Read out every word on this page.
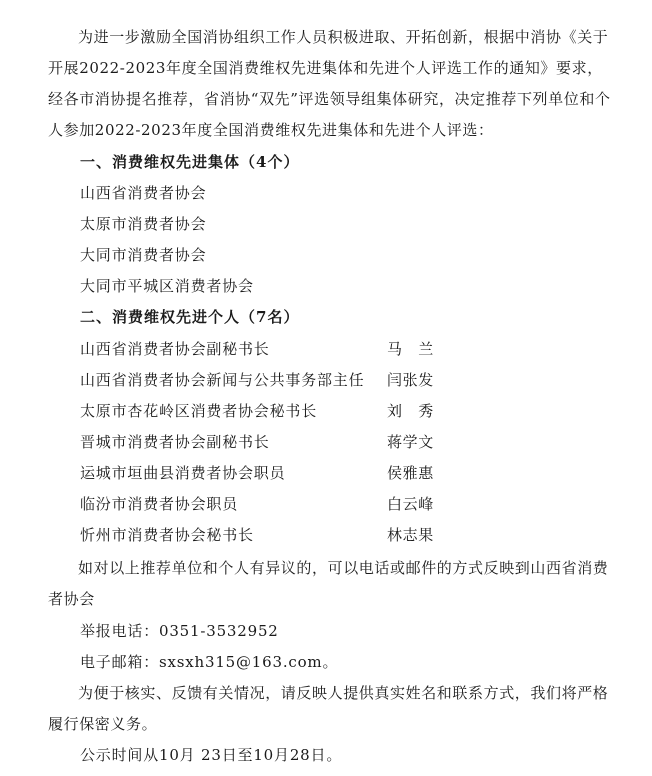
为进一步激励全国消协组织工作人员积极进取、开拓创新，根据中消协《关于开展2022-2023年度全国消费维权先进集体和先进个人评选工作的通知》要求，经各市消协提名推荐，省消协“双先”评选领导组集体研究，决定推荐下列单位和个人参加2022-2023年度全国消费维权先进集体和先进个人评选：

一、消费维权先进集体（4个）

山西省消费者协会

太原市消费者协会

大同市消费者协会

大同市平城区消费者协会

二、消费维权先进个人（7名）

山西省消费者协会副秘书长	马　兰
山西省消费者协会新闻与公共事务部主任 闫张发
太原市杏花岭区消费者协会秘书长	刘　秀
晋城市消费者协会副秘书长	蒋学文
运城市垣曲县消费者协会职员	侯雅惠
临汾市消费者协会职员	白云峰
忻州市消费者协会秘书长	林志果

如对以上推荐单位和个人有异议的，可以电话或邮件的方式反映到山西省消费者协会

举报电话：0351-3532952

电子邮箱：sxsxh315@163.com。

为便于核实、反馈有关情况，请反映人提供真实姓名和联系方式，我们将严格履行保密义务。

公示时间从10月 23日至10月28日。
